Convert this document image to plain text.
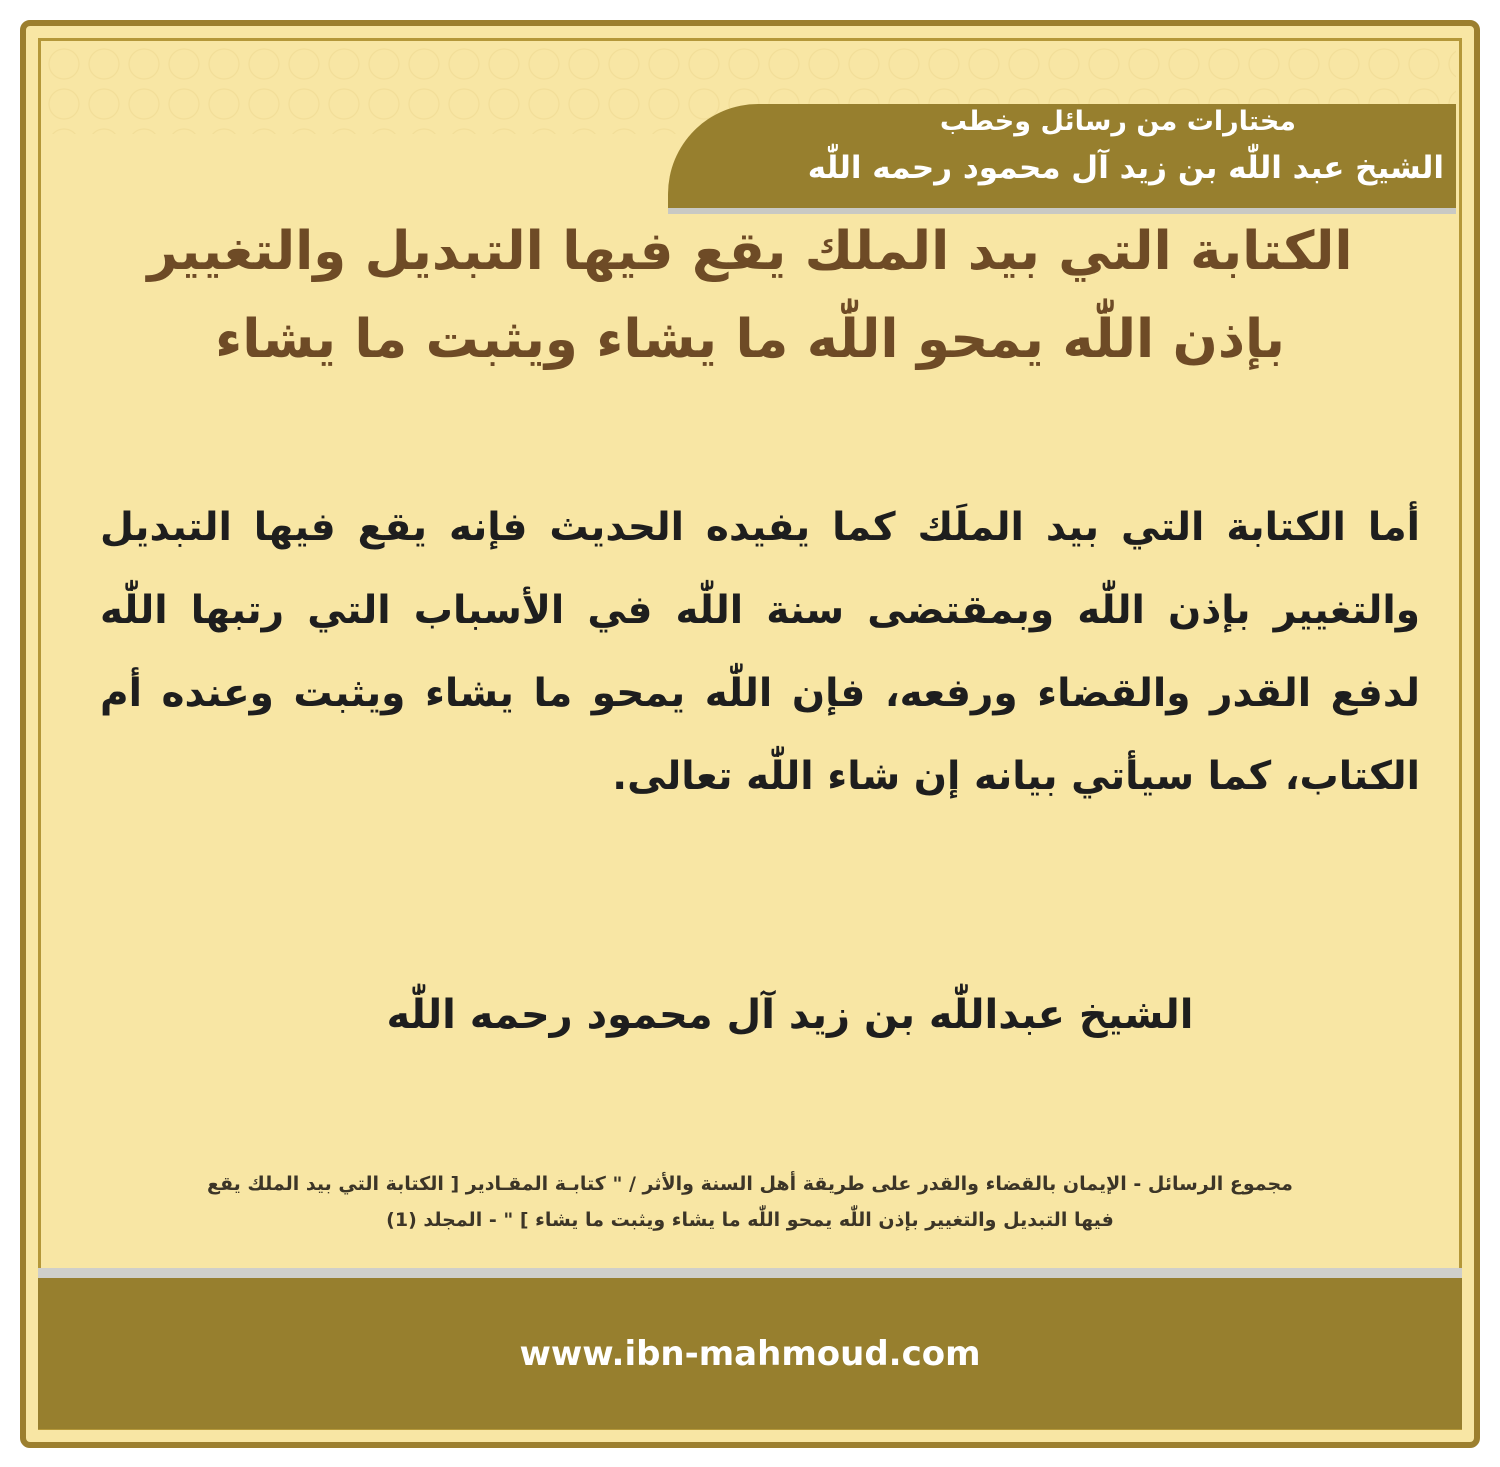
مختارات من رسائل وخطب
الشيخ عبد اللّٰه بن زيد آل محمود رحمه اللّٰه
الكتابة التي بيد الملك يقع فيها التبديل والتغيير بإذن اللّٰه يمحو اللّٰه ما يشاء ويثبت ما يشاء
أما الكتابة التي بيد الملَك كما يفيده الحديث فإنه يقع فيها التبديل والتغيير بإذن اللّٰه وبمقتضى سنة اللّٰه في الأسباب التي رتبها اللّٰه لدفع القدر والقضاء ورفعه، فإن اللّٰه يمحو ما يشاء ويثبت وعنده أم الكتاب، كما سيأتي بيانه إن شاء اللّٰه تعالى.
الشيخ عبداللّٰه بن زيد آل محمود رحمه اللّٰه
مجموع الرسائل - الإيمان بالقضاء والقدر على طريقة أهل السنة والأثر / " كتابـة المقـادير [ الكتابة التي بيد الملك يقع
فيها التبديل والتغيير بإذن اللّٰه يمحو اللّٰه ما يشاء ويثبت ما يشاء ] " - المجلد (1)
www.ibn-mahmoud.com
